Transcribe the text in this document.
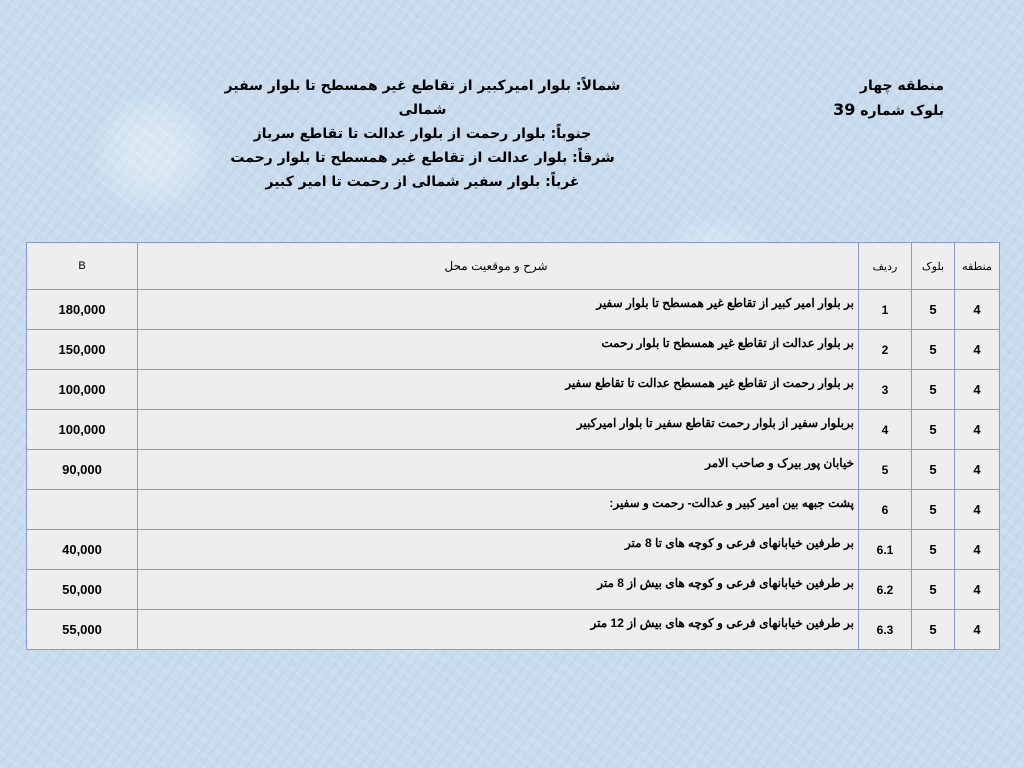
شمالاً: بلوار امیرکبیر از تقاطع غیر همسطح تا بلوار سفیر شمالی
جنوباً: بلوار رحمت از بلوار عدالت تا تقاطع سرباز
شرقاً: بلوار عدالت از تقاطع غیر همسطح تا بلوار رحمت
غرباً: بلوار سفیر شمالی از رحمت تا امیر کبیر
منطقه چهار
بلوک شماره 39
B	شرح و موقعیت محل	ردیف	بلوک	منطقه
180,000	بر بلوار امیر کبیر از تقاطع غیر همسطح تا بلوار سفیر	1	5	4
150,000	بر بلوار عدالت از تقاطع غیر همسطح تا بلوار رحمت	2	5	4
100,000	بر بلوار رحمت از تقاطع غیر همسطح عدالت تا تقاطع سفیر	3	5	4
100,000	بربلوار سفیر از بلوار رحمت تقاطع سفیر تا بلوار امیرکبیر	4	5	4
90,000	خیابان پور بیرک و صاحب الامر	5	5	4
	پشت جبهه بین امیر کبیر و عدالت- رحمت و سفیر:	6	5	4
40,000	بر طرفین خیابانهای فرعی و کوچه های تا 8 متر	6.1	5	4
50,000	بر طرفین خیابانهای فرعی و کوچه های بیش از 8 متر	6.2	5	4
55,000	بر طرفین خیابانهای فرعی و کوچه های بیش از 12 متر	6.3	5	4
